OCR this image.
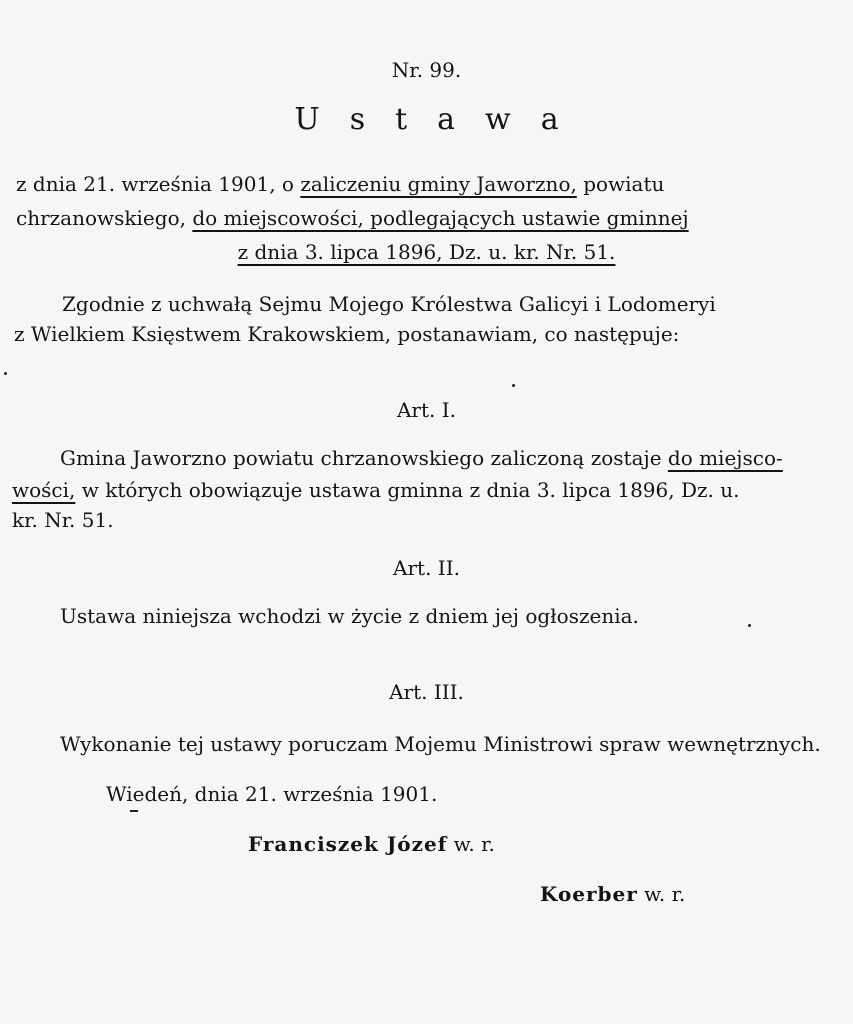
Nr. 99.
Ustawa
z dnia 21. września 1901, o zaliczeniu gminy Jaworzno, powiatu
chrzanowskiego, do miejscowości, podlegających ustawie gminnej
z dnia 3. lipca 1896, Dz. u. kr. Nr. 51.
Zgodnie z uchwałą Sejmu Mojego Królestwa Galicyi i Lodomeryi
z Wielkiem Księstwem Krakowskiem, postanawiam, co następuje:
Art. I.
Gmina Jaworzno powiatu chrzanowskiego zaliczoną zostaje do miejsco-
wości, w których obowiązuje ustawa gminna z dnia 3. lipca 1896, Dz. u.
kr. Nr. 51.
Art. II.
Ustawa niniejsza wchodzi w życie z dniem jej ogłoszenia.
Art. III.
Wykonanie tej ustawy poruczam Mojemu Ministrowi spraw wewnętrznych.
Wiedeń, dnia 21. września 1901.
Franciszek Józef w. r.
Koerber w. r.
